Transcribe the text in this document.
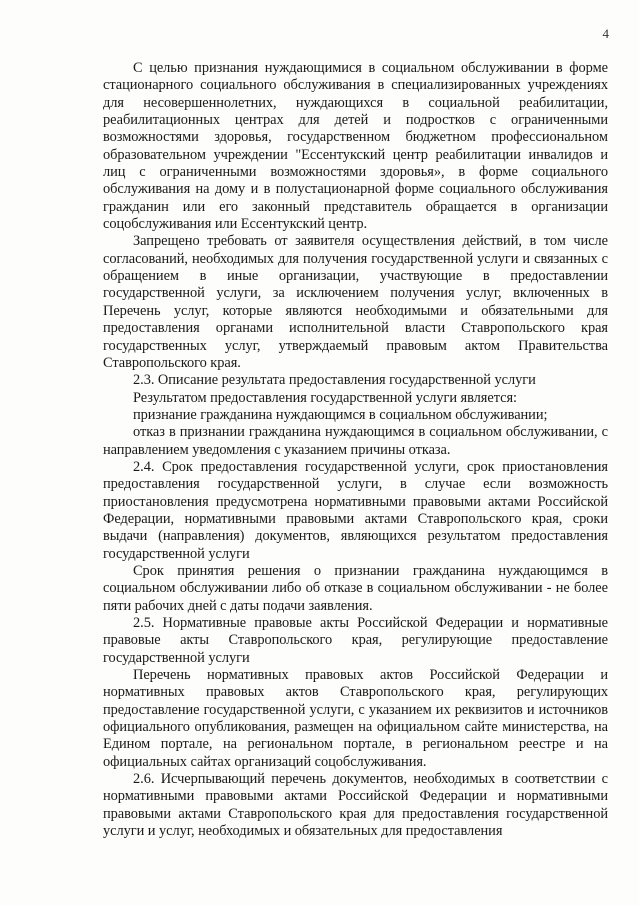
4

С целью признания нуждающимися в социальном обслуживании в форме стационарного социального обслуживания в специализированных учреждениях для несовершеннолетних, нуждающихся в социальной реабилитации, реабилитационных центрах для детей и подростков с ограниченными возможностями здоровья, государственном бюджетном профессиональном образовательном учреждении "Ессентукский центр реабилитации инвалидов и лиц с ограниченными возможностями здоровья», в форме социального обслуживания на дому и в полустационарной форме социального обслуживания гражданин или его законный представитель обращается в организации соцобслуживания или Ессентукский центр.

Запрещено требовать от заявителя осуществления действий, в том числе согласований, необходимых для получения государственной услуги и связанных с обращением в иные организации, участвующие в предоставлении государственной услуги, за исключением получения услуг, включенных в Перечень услуг, которые являются необходимыми и обязательными для предоставления органами исполнительной власти Ставропольского края государственных услуг, утверждаемый правовым актом Правительства Ставропольского края.

2.3. Описание результата предоставления государственной услуги

Результатом предоставления государственной услуги является:

признание гражданина нуждающимся в социальном обслуживании;

отказ в признании гражданина нуждающимся в социальном обслуживании, с направлением уведомления с указанием причины отказа.

2.4. Срок предоставления государственной услуги, срок приостановления предоставления государственной услуги, в случае если возможность приостановления предусмотрена нормативными правовыми актами Российской Федерации, нормативными правовыми актами Ставропольского края, сроки выдачи (направления) документов, являющихся результатом предоставления государственной услуги

Срок принятия решения о признании гражданина нуждающимся в социальном обслуживании либо об отказе в социальном обслуживании - не более пяти рабочих дней с даты подачи заявления.

2.5. Нормативные правовые акты Российской Федерации и нормативные правовые акты Ставропольского края, регулирующие предоставление государственной услуги

Перечень нормативных правовых актов Российской Федерации и нормативных правовых актов Ставропольского края, регулирующих предоставление государственной услуги, с указанием их реквизитов и источников официального опубликования, размещен на официальном сайте министерства, на Едином портале, на региональном портале, в региональном реестре и на официальных сайтах организаций соцобслуживания.

2.6. Исчерпывающий перечень документов, необходимых в соответствии с нормативными правовыми актами Российской Федерации и нормативными правовыми актами Ставропольского края для предоставления государственной услуги и услуг, необходимых и обязательных для предоставления
